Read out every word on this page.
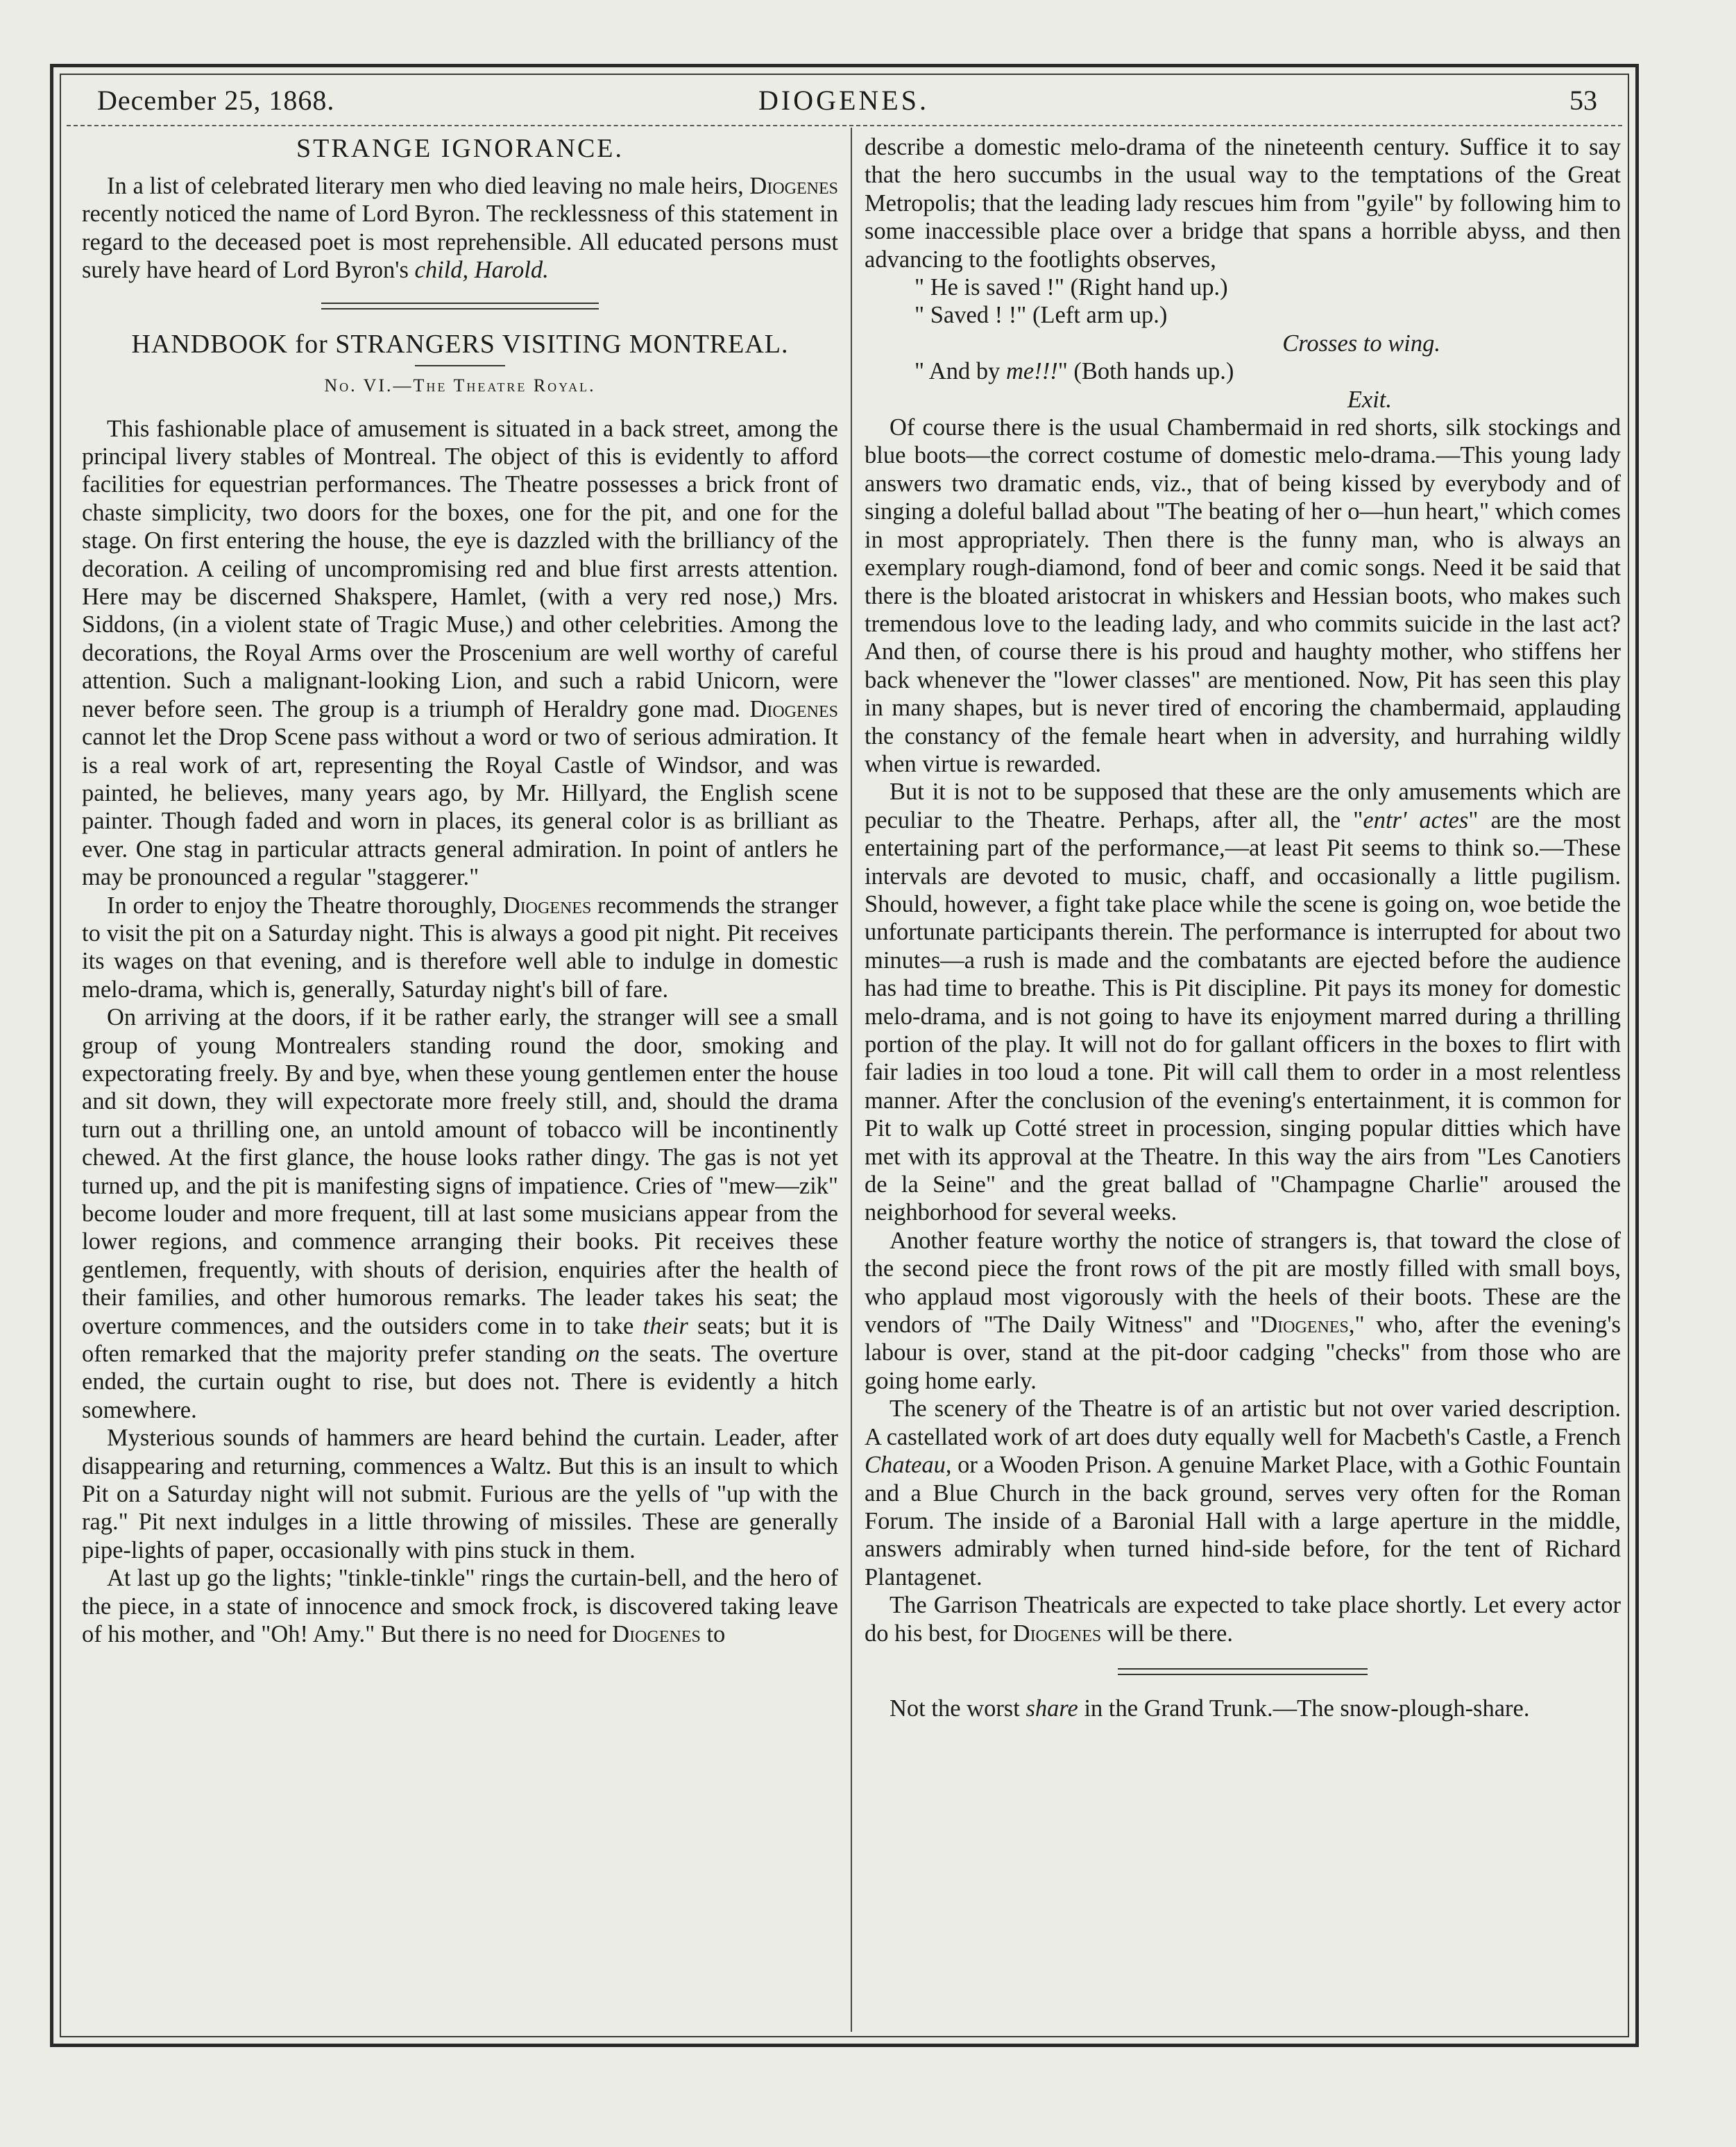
December 25, 1868.	DIOGENES.	53
STRANGE IGNORANCE.

In a list of celebrated literary men who died leaving no male heirs, Diogenes recently noticed the name of Lord Byron. The recklessness of this statement in regard to the deceased poet is most reprehensible. All educated persons must surely have heard of Lord Byron's child, Harold.

HANDBOOK for STRANGERS VISITING MONTREAL.
No. VI.—The Theatre Royal.

This fashionable place of amusement is situated in a back street, among the principal livery stables of Montreal. The object of this is evidently to afford facilities for equestrian performances. The Theatre possesses a brick front of chaste simplicity, two doors for the boxes, one for the pit, and one for the stage. On first entering the house, the eye is dazzled with the brilliancy of the decoration. A ceiling of uncompromising red and blue first arrests attention. Here may be discerned Shakspere, Hamlet, (with a very red nose,) Mrs. Siddons, (in a violent state of Tragic Muse,) and other celebrities. Among the decorations, the Royal Arms over the Proscenium are well worthy of careful attention. Such a malignant-looking Lion, and such a rabid Unicorn, were never before seen. The group is a triumph of Heraldry gone mad. Diogenes cannot let the Drop Scene pass without a word or two of serious admiration. It is a real work of art, representing the Royal Castle of Windsor, and was painted, he believes, many years ago, by Mr. Hillyard, the English scene painter. Though faded and worn in places, its general color is as brilliant as ever. One stag in particular attracts general admiration. In point of antlers he may be pronounced a regular "staggerer."

In order to enjoy the Theatre thoroughly, Diogenes recommends the stranger to visit the pit on a Saturday night. This is always a good pit night. Pit receives its wages on that evening, and is therefore well able to indulge in domestic melo-drama, which is, generally, Saturday night's bill of fare.

On arriving at the doors, if it be rather early, the stranger will see a small group of young Montrealers standing round the door, smoking and expectorating freely. By and bye, when these young gentlemen enter the house and sit down, they will expectorate more freely still, and, should the drama turn out a thrilling one, an untold amount of tobacco will be incontinently chewed. At the first glance, the house looks rather dingy. The gas is not yet turned up, and the pit is manifesting signs of impatience. Cries of "mew—zik" become louder and more frequent, till at last some musicians appear from the lower regions, and commence arranging their books. Pit receives these gentlemen, frequently, with shouts of derision, enquiries after the health of their families, and other humorous remarks. The leader takes his seat; the overture commences, and the outsiders come in to take their seats; but it is often remarked that the majority prefer standing on the seats. The overture ended, the curtain ought to rise, but does not. There is evidently a hitch somewhere.

Mysterious sounds of hammers are heard behind the curtain. Leader, after disappearing and returning, commences a Waltz. But this is an insult to which Pit on a Saturday night will not submit. Furious are the yells of "up with the rag." Pit next indulges in a little throwing of missiles. These are generally pipe-lights of paper, occasionally with pins stuck in them.

At last up go the lights; "tinkle-tinkle" rings the curtain-bell, and the hero of the piece, in a state of innocence and smock frock, is discovered taking leave of his mother, and "Oh! Amy." But there is no need for Diogenes to

describe a domestic melo-drama of the nineteenth century. Suffice it to say that the hero succumbs in the usual way to the temptations of the Great Metropolis; that the leading lady rescues him from "gyile" by following him to some inaccessible place over a bridge that spans a horrible abyss, and then advancing to the footlights observes,

" He is saved !" (Right hand up.)

" Saved ! !" (Left arm up.)

Crosses to wing.

" And by me!!!" (Both hands up.)

Exit.

Of course there is the usual Chambermaid in red shorts, silk stockings and blue boots—the correct costume of domestic melo-drama.—This young lady answers two dramatic ends, viz., that of being kissed by everybody and of singing a doleful ballad about "The beating of her o—hun heart," which comes in most appropriately. Then there is the funny man, who is always an exemplary rough-diamond, fond of beer and comic songs. Need it be said that there is the bloated aristocrat in whiskers and Hessian boots, who makes such tremendous love to the leading lady, and who commits suicide in the last act? And then, of course there is his proud and haughty mother, who stiffens her back whenever the "lower classes" are mentioned. Now, Pit has seen this play in many shapes, but is never tired of encoring the chambermaid, applauding the constancy of the female heart when in adversity, and hurrahing wildly when virtue is rewarded.

But it is not to be supposed that these are the only amusements which are peculiar to the Theatre. Perhaps, after all, the "entr' actes" are the most entertaining part of the performance,—at least Pit seems to think so.—These intervals are devoted to music, chaff, and occasionally a little pugilism. Should, however, a fight take place while the scene is going on, woe betide the unfortunate participants therein. The performance is interrupted for about two minutes—a rush is made and the combatants are ejected before the audience has had time to breathe. This is Pit discipline. Pit pays its money for domestic melo-drama, and is not going to have its enjoyment marred during a thrilling portion of the play. It will not do for gallant officers in the boxes to flirt with fair ladies in too loud a tone. Pit will call them to order in a most relentless manner. After the conclusion of the evening's entertainment, it is common for Pit to walk up Cotté street in procession, singing popular ditties which have met with its approval at the Theatre. In this way the airs from "Les Canotiers de la Seine" and the great ballad of "Champagne Charlie" aroused the neighborhood for several weeks.

Another feature worthy the notice of strangers is, that toward the close of the second piece the front rows of the pit are mostly filled with small boys, who applaud most vigorously with the heels of their boots. These are the vendors of "The Daily Witness" and "Diogenes," who, after the evening's labour is over, stand at the pit-door cadging "checks" from those who are going home early.

The scenery of the Theatre is of an artistic but not over varied description. A castellated work of art does duty equally well for Macbeth's Castle, a French Chateau, or a Wooden Prison. A genuine Market Place, with a Gothic Fountain and a Blue Church in the back ground, serves very often for the Roman Forum. The inside of a Baronial Hall with a large aperture in the middle, answers admirably when turned hind-side before, for the tent of Richard Plantagenet.

The Garrison Theatricals are expected to take place shortly. Let every actor do his best, for Diogenes will be there.

Not the worst share in the Grand Trunk.—The snow-plough-share.
